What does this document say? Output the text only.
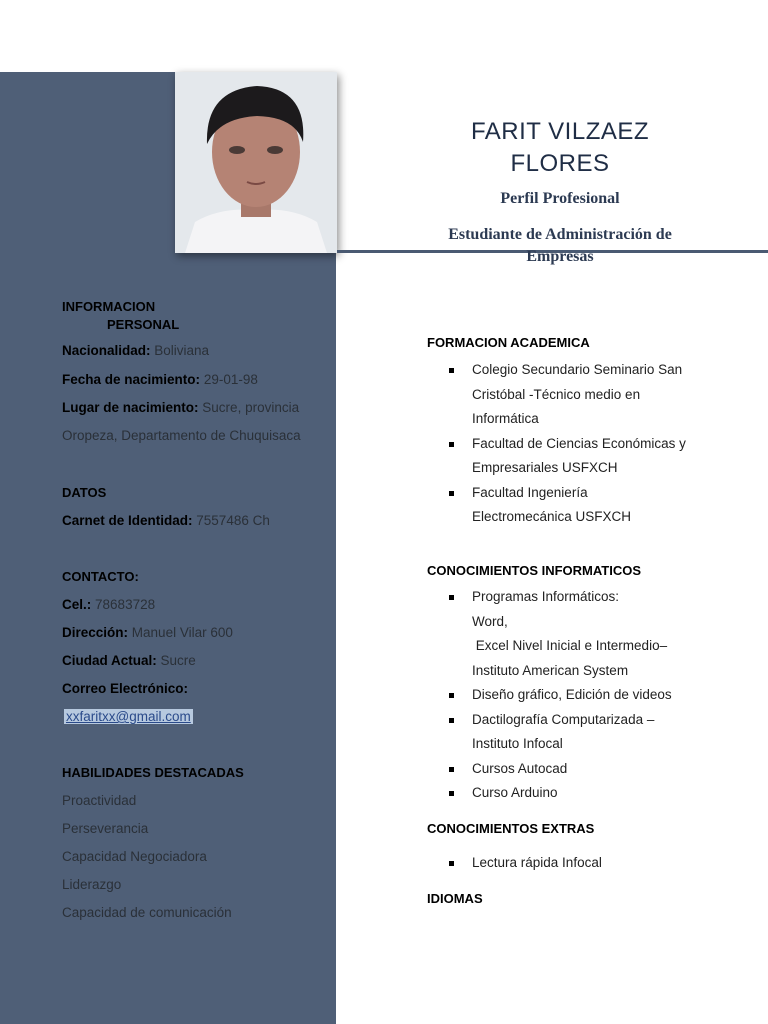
FARIT VILZAEZ
FLORES
Perfil Profesional
Estudiante de Administración de
Empresas
INFORMACION
PERSONAL
Nacionalidad: Boliviana
Fecha de nacimiento: 29-01-98
Lugar de nacimiento: Sucre, provincia
Oropeza, Departamento de Chuquisaca
DATOS
Carnet de Identidad: 7557486 Ch
CONTACTO:
Cel.: 78683728
Dirección: Manuel Vilar 600
Ciudad Actual: Sucre
Correo Electrónico:
xxfaritxx@gmail.com
HABILIDADES DESTACADAS
Proactividad
Perseverancia
Capacidad Negociadora
Liderazgo
Capacidad de comunicación
FORMACION ACADEMICA
Colegio Secundario Seminario San
Cristóbal -Técnico medio en
Informática
Facultad de Ciencias Económicas y
Empresariales USFXCH
Facultad Ingeniería
Electromecánica USFXCH
CONOCIMIENTOS INFORMATICOS
Programas Informáticos:
Word,
Excel Nivel Inicial e Intermedio–
Instituto American System
Diseño gráfico, Edición de videos
Dactilografía Computarizada –
Instituto Infocal
Cursos Autocad
Curso Arduino
CONOCIMIENTOS EXTRAS
Lectura rápida Infocal
IDIOMAS
